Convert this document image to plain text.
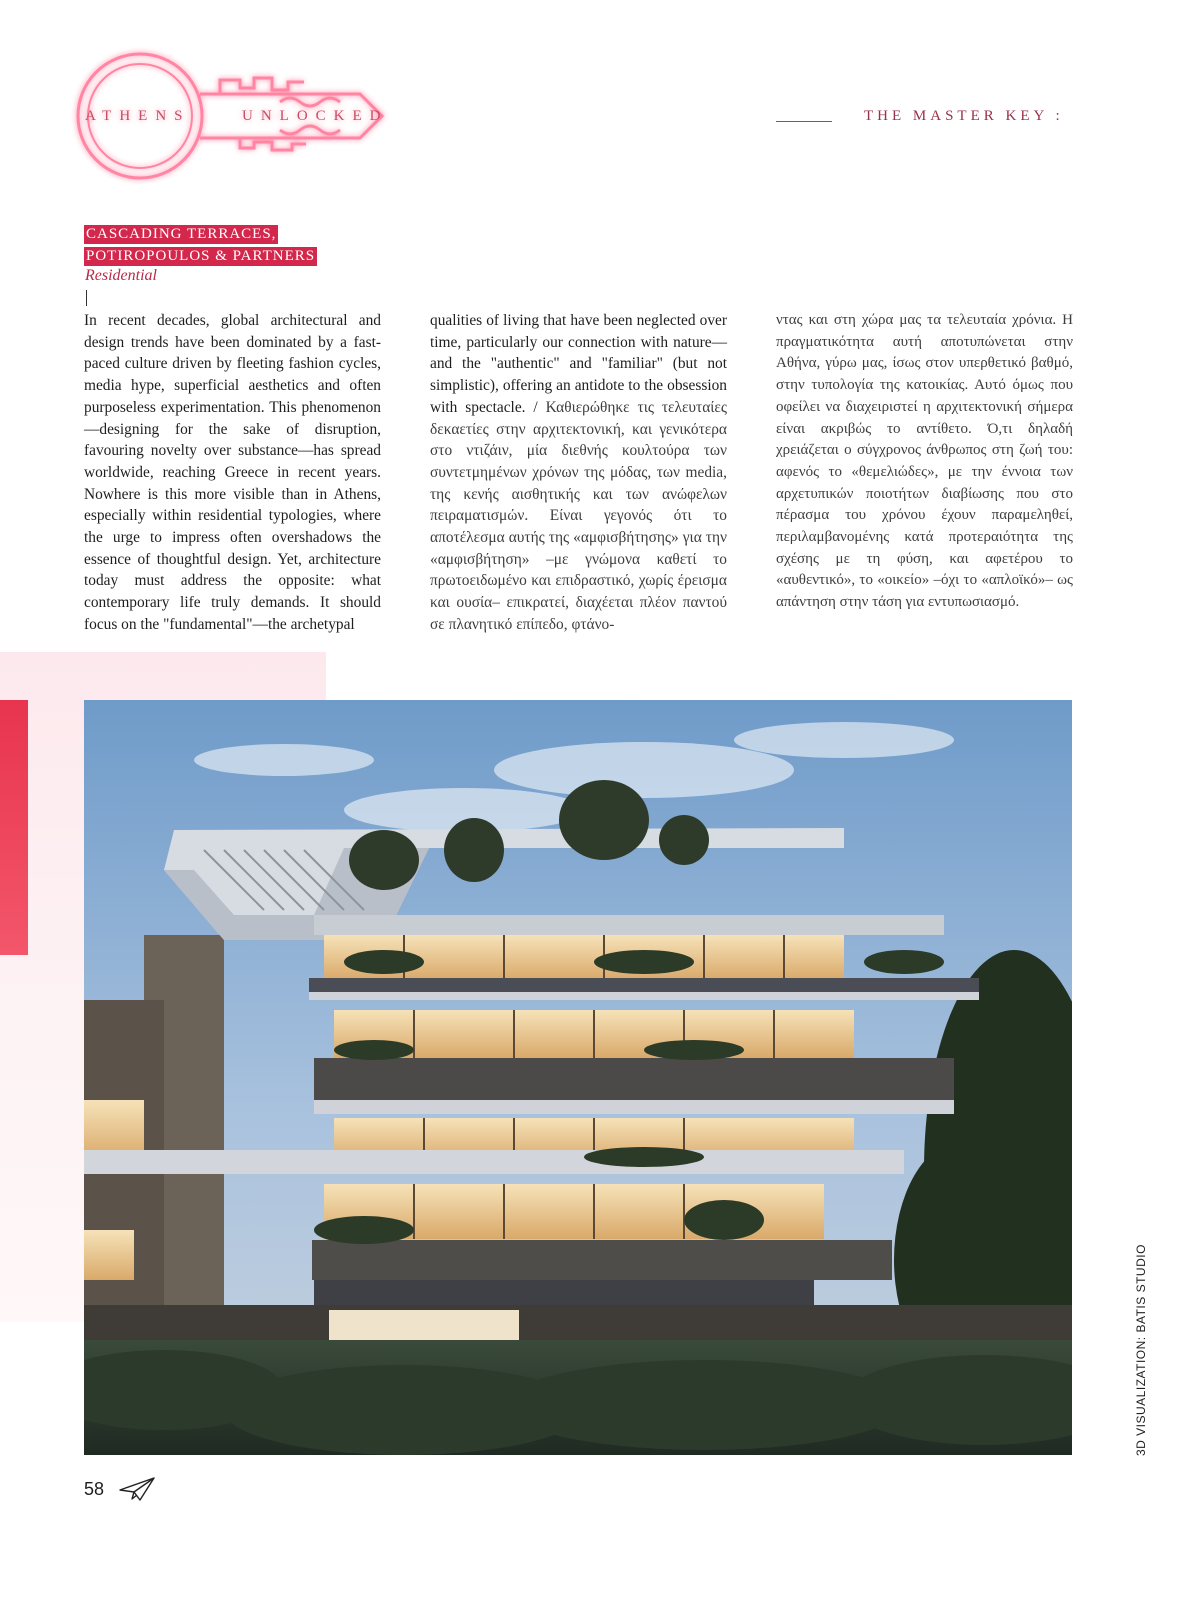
ATHENS	UNLOCKED	THE MASTER KEY :
CASCADING TERRACES,
POTIROPOULOS & PARTNERS
Residential
In recent decades, global architectural and design trends have been dominated by a fast-paced culture driven by fleeting fashion cycles, media hype, superficial aesthetics and often purposeless experimentation. This phenomenon—designing for the sake of disruption, favouring novelty over substance—has spread worldwide, reaching Greece in recent years. Nowhere is this more visible than in Athens, especially within residential typologies, where the urge to impress often overshadows the essence of thoughtful design. Yet, architecture today must address the opposite: what contemporary life truly demands. It should focus on the "fundamental"—the archetypal
qualities of living that have been neglected over time, particularly our connection with nature—and the "authentic" and "familiar" (but not simplistic), offering an antidote to the obsession with spectacle. / Καθιερώθηκε τις τελευταίες δεκαετίες στην αρχιτεκτονική, και γενικότερα στο ντιζάιν, μία διεθνής κουλτούρα των συντετμημένων χρόνων της μόδας, των media, της κενής αισθητικής και των ανώφελων πειραματισμών. Είναι γεγονός ότι το αποτέλεσμα αυτής της «αμφισβήτησης» για την «αμφισβήτηση» –με γνώμονα καθετί το πρωτοειδωμένο και επιδραστικό, χωρίς έρεισμα και ουσία– επικρατεί, διαχέεται πλέον παντού σε πλανητικό επίπεδο, φτάνο-
ντας και στη χώρα μας τα τελευταία χρόνια. Η πραγματικότητα αυτή αποτυπώνεται στην Αθήνα, γύρω μας, ίσως στον υπερθετικό βαθμό, στην τυπολογία της κατοικίας. Αυτό όμως που οφείλει να διαχειριστεί η αρχιτεκτονική σήμερα είναι ακριβώς το αντίθετο. Ό,τι δηλαδή χρειάζεται ο σύγχρονος άνθρωπος στη ζωή του: αφενός το «θεμελιώδες», με την έννοια των αρχετυπικών ποιοτήτων διαβίωσης που στο πέρασμα του χρόνου έχουν παραμεληθεί, περιλαμβανομένης κατά προτεραιότητα της σχέσης με τη φύση, και αφετέρου το «αυθεντικό», το «οικείο» –όχι το «απλοϊκό»– ως απάντηση στην τάση για εντυπωσιασμό.
3D VISUALIZATION: BATIS STUDIO
58
